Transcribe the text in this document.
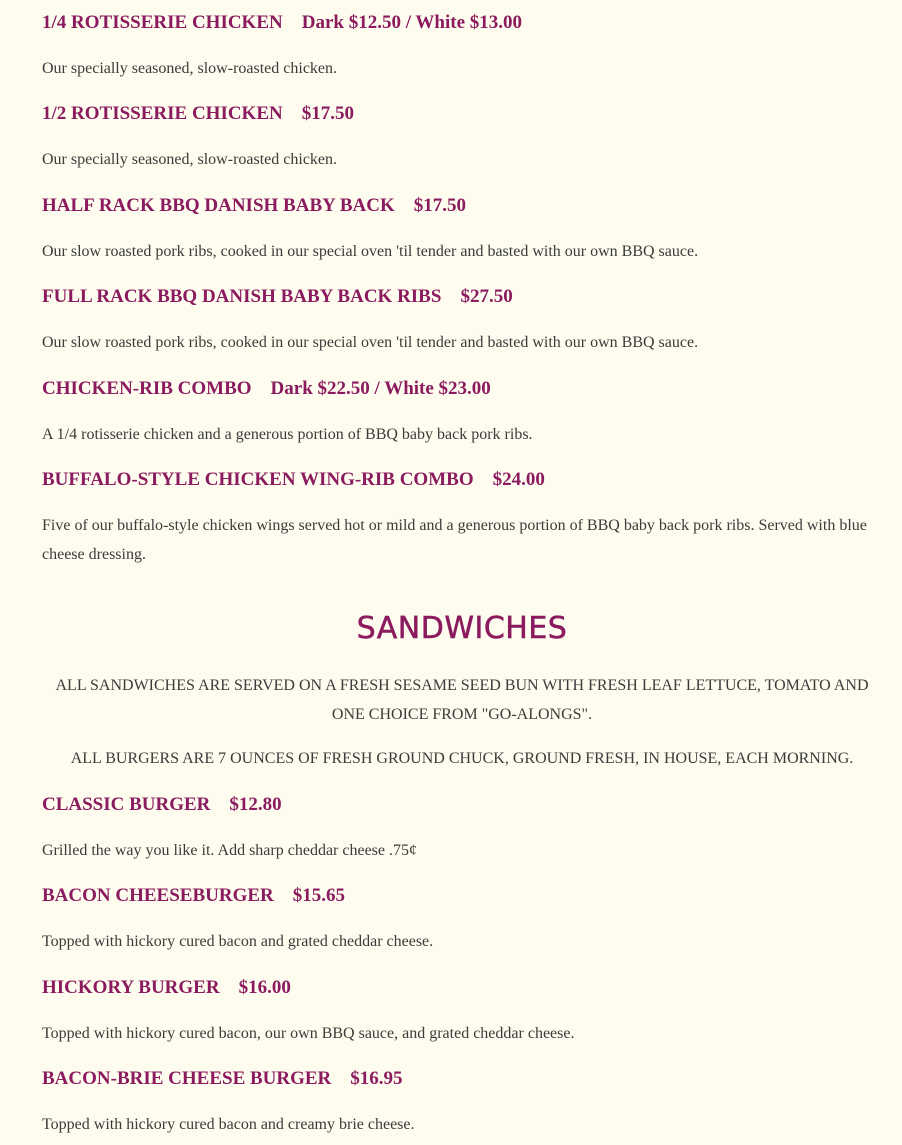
1/4 ROTISSERIE CHICKEN Dark $12.50 / White $13.00

Our specially seasoned, slow-roasted chicken.

1/2 ROTISSERIE CHICKEN $17.50

Our specially seasoned, slow-roasted chicken.

HALF RACK BBQ DANISH BABY BACK $17.50

Our slow roasted pork ribs, cooked in our special oven 'til tender and basted with our own BBQ sauce.

FULL RACK BBQ DANISH BABY BACK RIBS $27.50

Our slow roasted pork ribs, cooked in our special oven 'til tender and basted with our own BBQ sauce.

CHICKEN-RIB COMBO Dark $22.50 / White $23.00

A 1/4 rotisserie chicken and a generous portion of BBQ baby back pork ribs.

BUFFALO-STYLE CHICKEN WING-RIB COMBO $24.00

Five of our buffalo-style chicken wings served hot or mild and a generous portion of BBQ baby back pork ribs. Served with blue cheese dressing.

SANDWICHES

ALL SANDWICHES ARE SERVED ON A FRESH SESAME SEED BUN WITH FRESH LEAF LETTUCE, TOMATO AND ONE CHOICE FROM "GO-ALONGS".

ALL BURGERS ARE 7 OUNCES OF FRESH GROUND CHUCK, GROUND FRESH, IN HOUSE, EACH MORNING.

CLASSIC BURGER $12.80

Grilled the way you like it. Add sharp cheddar cheese .75¢

BACON CHEESEBURGER $15.65

Topped with hickory cured bacon and grated cheddar cheese.

HICKORY BURGER $16.00

Topped with hickory cured bacon, our own BBQ sauce, and grated cheddar cheese.

BACON-BRIE CHEESE BURGER $16.95

Topped with hickory cured bacon and creamy brie cheese.
